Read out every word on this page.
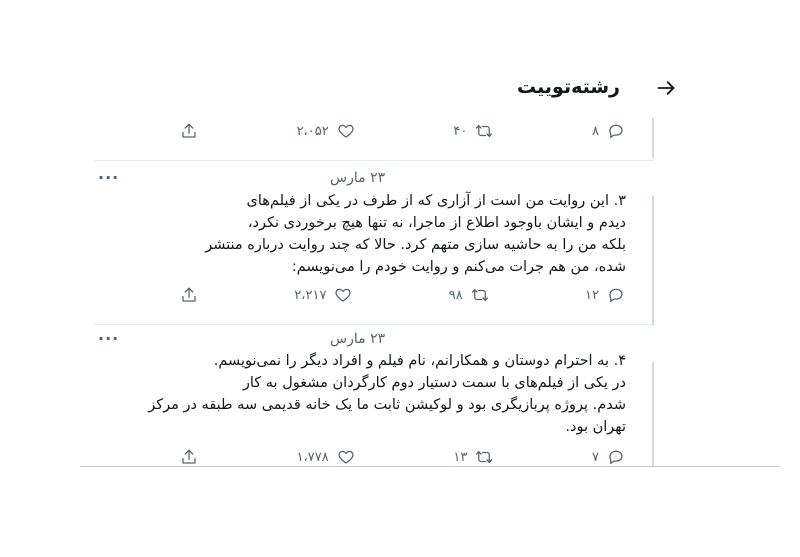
رشته‌توییت
۲،۰۵۲	۴۰	۸
...	۲۳ مارس

۳. این روایت من است از آزاری که از طرف در یکی از فیلم‌های

دیدم و ایشان باوجود اطلاع از ماجرا، نه تنها هیچ برخوردی نکرد،

بلکه من را به حاشیه سازی متهم کرد. حالا که چند روایت درباره منتشر

شده، من هم جرات می‌کنم و روایت خودم را می‌نویسم:

۲،۲۱۷	۹۸	۱۲
...	۲۳ مارس

۴. به احترام دوستان و همکارانم، نام فیلم و افراد دیگر را نمی‌نویسم.

در یکی از فیلم‌های با سمت دستیار دوم کارگردان مشغول به کار

شدم. پروژه پربازیگری بود و لوکیشن ثابت ما یک خانه قدیمی سه طبقه در مرکز

تهران بود.

۱،۷۷۸	۱۳	۷
